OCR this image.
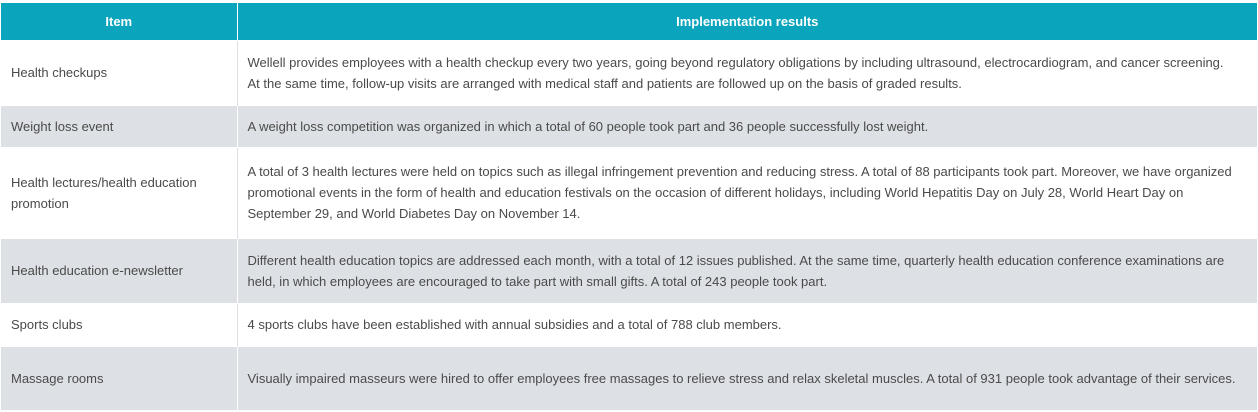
Item	Implementation results
Health checkups	Wellell provides employees with a health checkup every two years, going beyond regulatory obligations by including ultrasound, electrocardiogram, and cancer screening. At the same time, follow-up visits are arranged with medical staff and patients are followed up on the basis of graded results.
Weight loss event	A weight loss competition was organized in which a total of 60 people took part and 36 people successfully lost weight.
Health lectures/health education promotion	A total of 3 health lectures were held on topics such as illegal infringement prevention and reducing stress. A total of 88 participants took part. Moreover, we have organized promotional events in the form of health and education festivals on the occasion of different holidays, including World Hepatitis Day on July 28, World Heart Day on September 29, and World Diabetes Day on November 14.
Health education e-newsletter	Different health education topics are addressed each month, with a total of 12 issues published. At the same time, quarterly health education conference examinations are held, in which employees are encouraged to take part with small gifts. A total of 243 people took part.
Sports clubs	4 sports clubs have been established with annual subsidies and a total of 788 club members.
Massage rooms	Visually impaired masseurs were hired to offer employees free massages to relieve stress and relax skeletal muscles. A total of 931 people took advantage of their services.
